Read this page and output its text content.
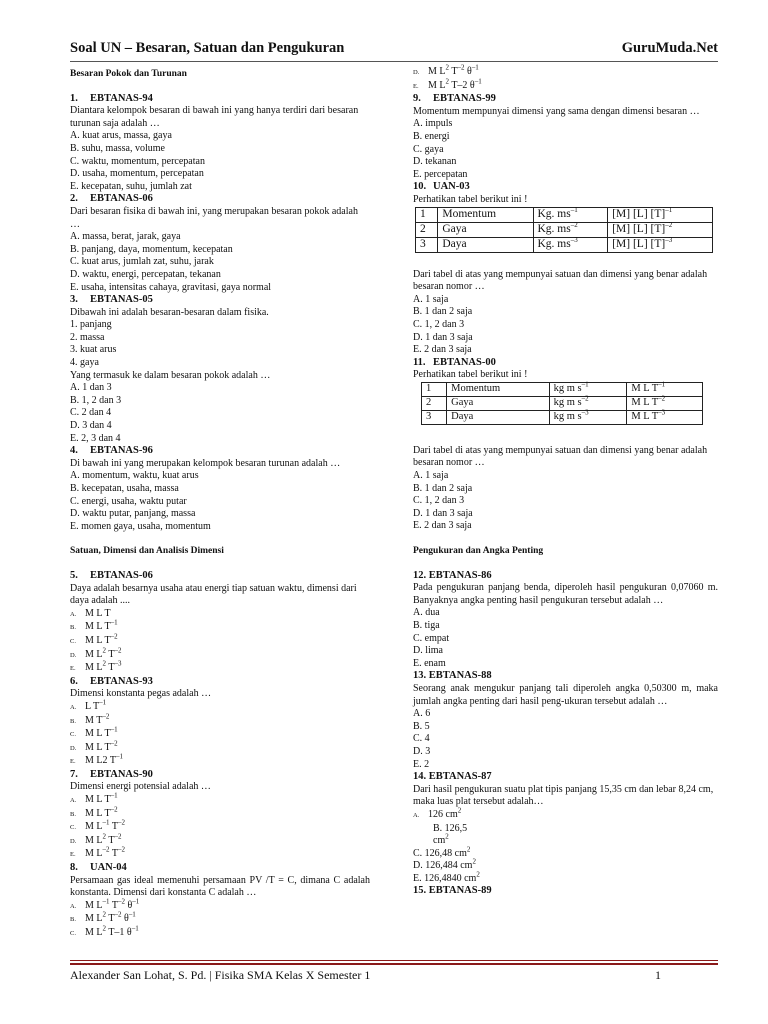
Soal UN – Besaran, Satuan dan Pengukuran	GuruMuda.Net
Besaran Pokok dan Turunan
1. EBTANAS-94
Diantara kelompok besaran di bawah ini yang hanya terdiri dari besaran turunan saja adalah …
A. kuat arus, massa, gaya
B. suhu, massa, volume
C. waktu, momentum, percepatan
D. usaha, momentum, percepatan
E. kecepatan, suhu, jumlah zat
2. EBTANAS-06
Dari besaran fisika di bawah ini, yang merupakan besaran pokok adalah …
A. massa, berat, jarak, gaya
B. panjang, daya, momentum, kecepatan
C. kuat arus, jumlah zat, suhu, jarak
D. waktu, energi, percepatan, tekanan
E. usaha, intensitas cahaya, gravitasi, gaya normal
3. EBTANAS-05
Dibawah ini adalah besaran-besaran dalam fisika.
1. panjang
2. massa
3. kuat arus
4. gaya
Yang termasuk ke dalam besaran pokok adalah …
A. 1 dan 3
B. 1, 2 dan 3
C. 2 dan 4
D. 3 dan 4
E. 2, 3 dan 4
4. EBTANAS-96
Di bawah ini yang merupakan kelompok besaran turunan adalah …
A. momentum, waktu, kuat arus
B. kecepatan, usaha, massa
C. energi, usaha, waktu putar
D. waktu putar, panjang, massa
E. momen gaya, usaha, momentum
Satuan, Dimensi dan Analisis Dimensi
5. EBTANAS-06
Daya adalah besarnya usaha atau energi tiap satuan waktu, dimensi dari daya adalah ....
A. M L T
B. M L $T^{-1}$
C. M L $T^{-2}$
D. M $L^2$ $T^{-2}$
E. M $L^2$ $T^{-3}$
6. EBTANAS-93
Dimensi konstanta pegas adalah …
A. L $T^{-1}$
B. M $T^{-2}$
C. M L $T^{-1}$
D. M L $T^{-2}$
E. M L2 $T^{-1}$
7. EBTANAS-90
Dimensi energi potensial adalah …
A. M L $T^{-1}$
B. M L $T^{-2}$
C. M $L^{-1}$ $T^{-2}$
D. M $L^2$ $T^{-2}$
E. M $L^{-2}$ $T^{-2}$
8. UAN-04
Persamaan gas ideal memenuhi persamaan PV /T = C, dimana C adalah konstanta. Dimensi dari konstanta C adalah …
A. M $L^{-1}$ $T^{-2}$ $\theta^{-1}$
B. M $L^2$ $T^{-2}$ $\theta^{-1}$
C. M $L^2$ T–1 $\theta^{-1}$
D. M $L^2$ $T^{-2}$ $\theta^{-1}$
E. M $L^2$ T–2 $\theta^{-1}$
9. EBTANAS-99
Momentum mempunyai dimensi yang sama dengan dimensi besaran …
A. impuls
B. energi
C. gaya
D. tekanan
E. percepatan
10. UAN-03
Perhatikan tabel berikut ini !
1	Momentum	Kg. $ms^{-1}$	[M] [L] $[T]^{-1}$
2	Gaya	Kg. $ms^{-2}$	[M] [L] $[T]^{-2}$
3	Daya	Kg. $ms^{-3}$	[M] [L] $[T]^{-3}$
Dari tabel di atas yang mempunyai satuan dan dimensi yang benar adalah besaran nomor …
A. 1 saja
B. 1 dan 2 saja
C. 1, 2 dan 3
D. 1 dan 3 saja
E. 2 dan 3 saja
11. EBTANAS-00
Perhatikan tabel berikut ini !
1	Momentum	kg m $s^{-1}$	M L $T^{-1}$
2	Gaya	kg m $s^{-2}$	M L $T^{-2}$
3	Daya	kg m $s^{-3}$	M L $T^{-3}$
Dari tabel di atas yang mempunyai satuan dan dimensi yang benar adalah besaran nomor …
A. 1 saja
B. 1 dan 2 saja
C. 1, 2 dan 3
D. 1 dan 3 saja
E. 2 dan 3 saja
Pengukuran dan Angka Penting
12. EBTANAS-86
Pada pengukuran panjang benda, diperoleh hasil pengukuran 0,07060 m. Banyaknya angka penting hasil pengukuran tersebut adalah …
A. dua
B. tiga
C. empat
D. lima
E. enam
13. EBTANAS-88
Seorang anak mengukur panjang tali diperoleh angka 0,50300 m, maka jumlah angka penting dari hasil peng-ukuran tersebut adalah …
A. 6
B. 5
C. 4
D. 3
E. 2
14. EBTANAS-87
Dari hasil pengukuran suatu plat tipis panjang 15,35 cm dan lebar 8,24 cm, maka luas plat tersebut adalah…
A. 126 $cm^2$
B. 126,5
$cm^2$
C. 126,48 $cm^2$
D. 126,484 $cm^2$
E. 126,4840 $cm^2$
15. EBTANAS-89
Alexander San Lohat, S. Pd. | Fisika SMA Kelas X Semester 1	1
